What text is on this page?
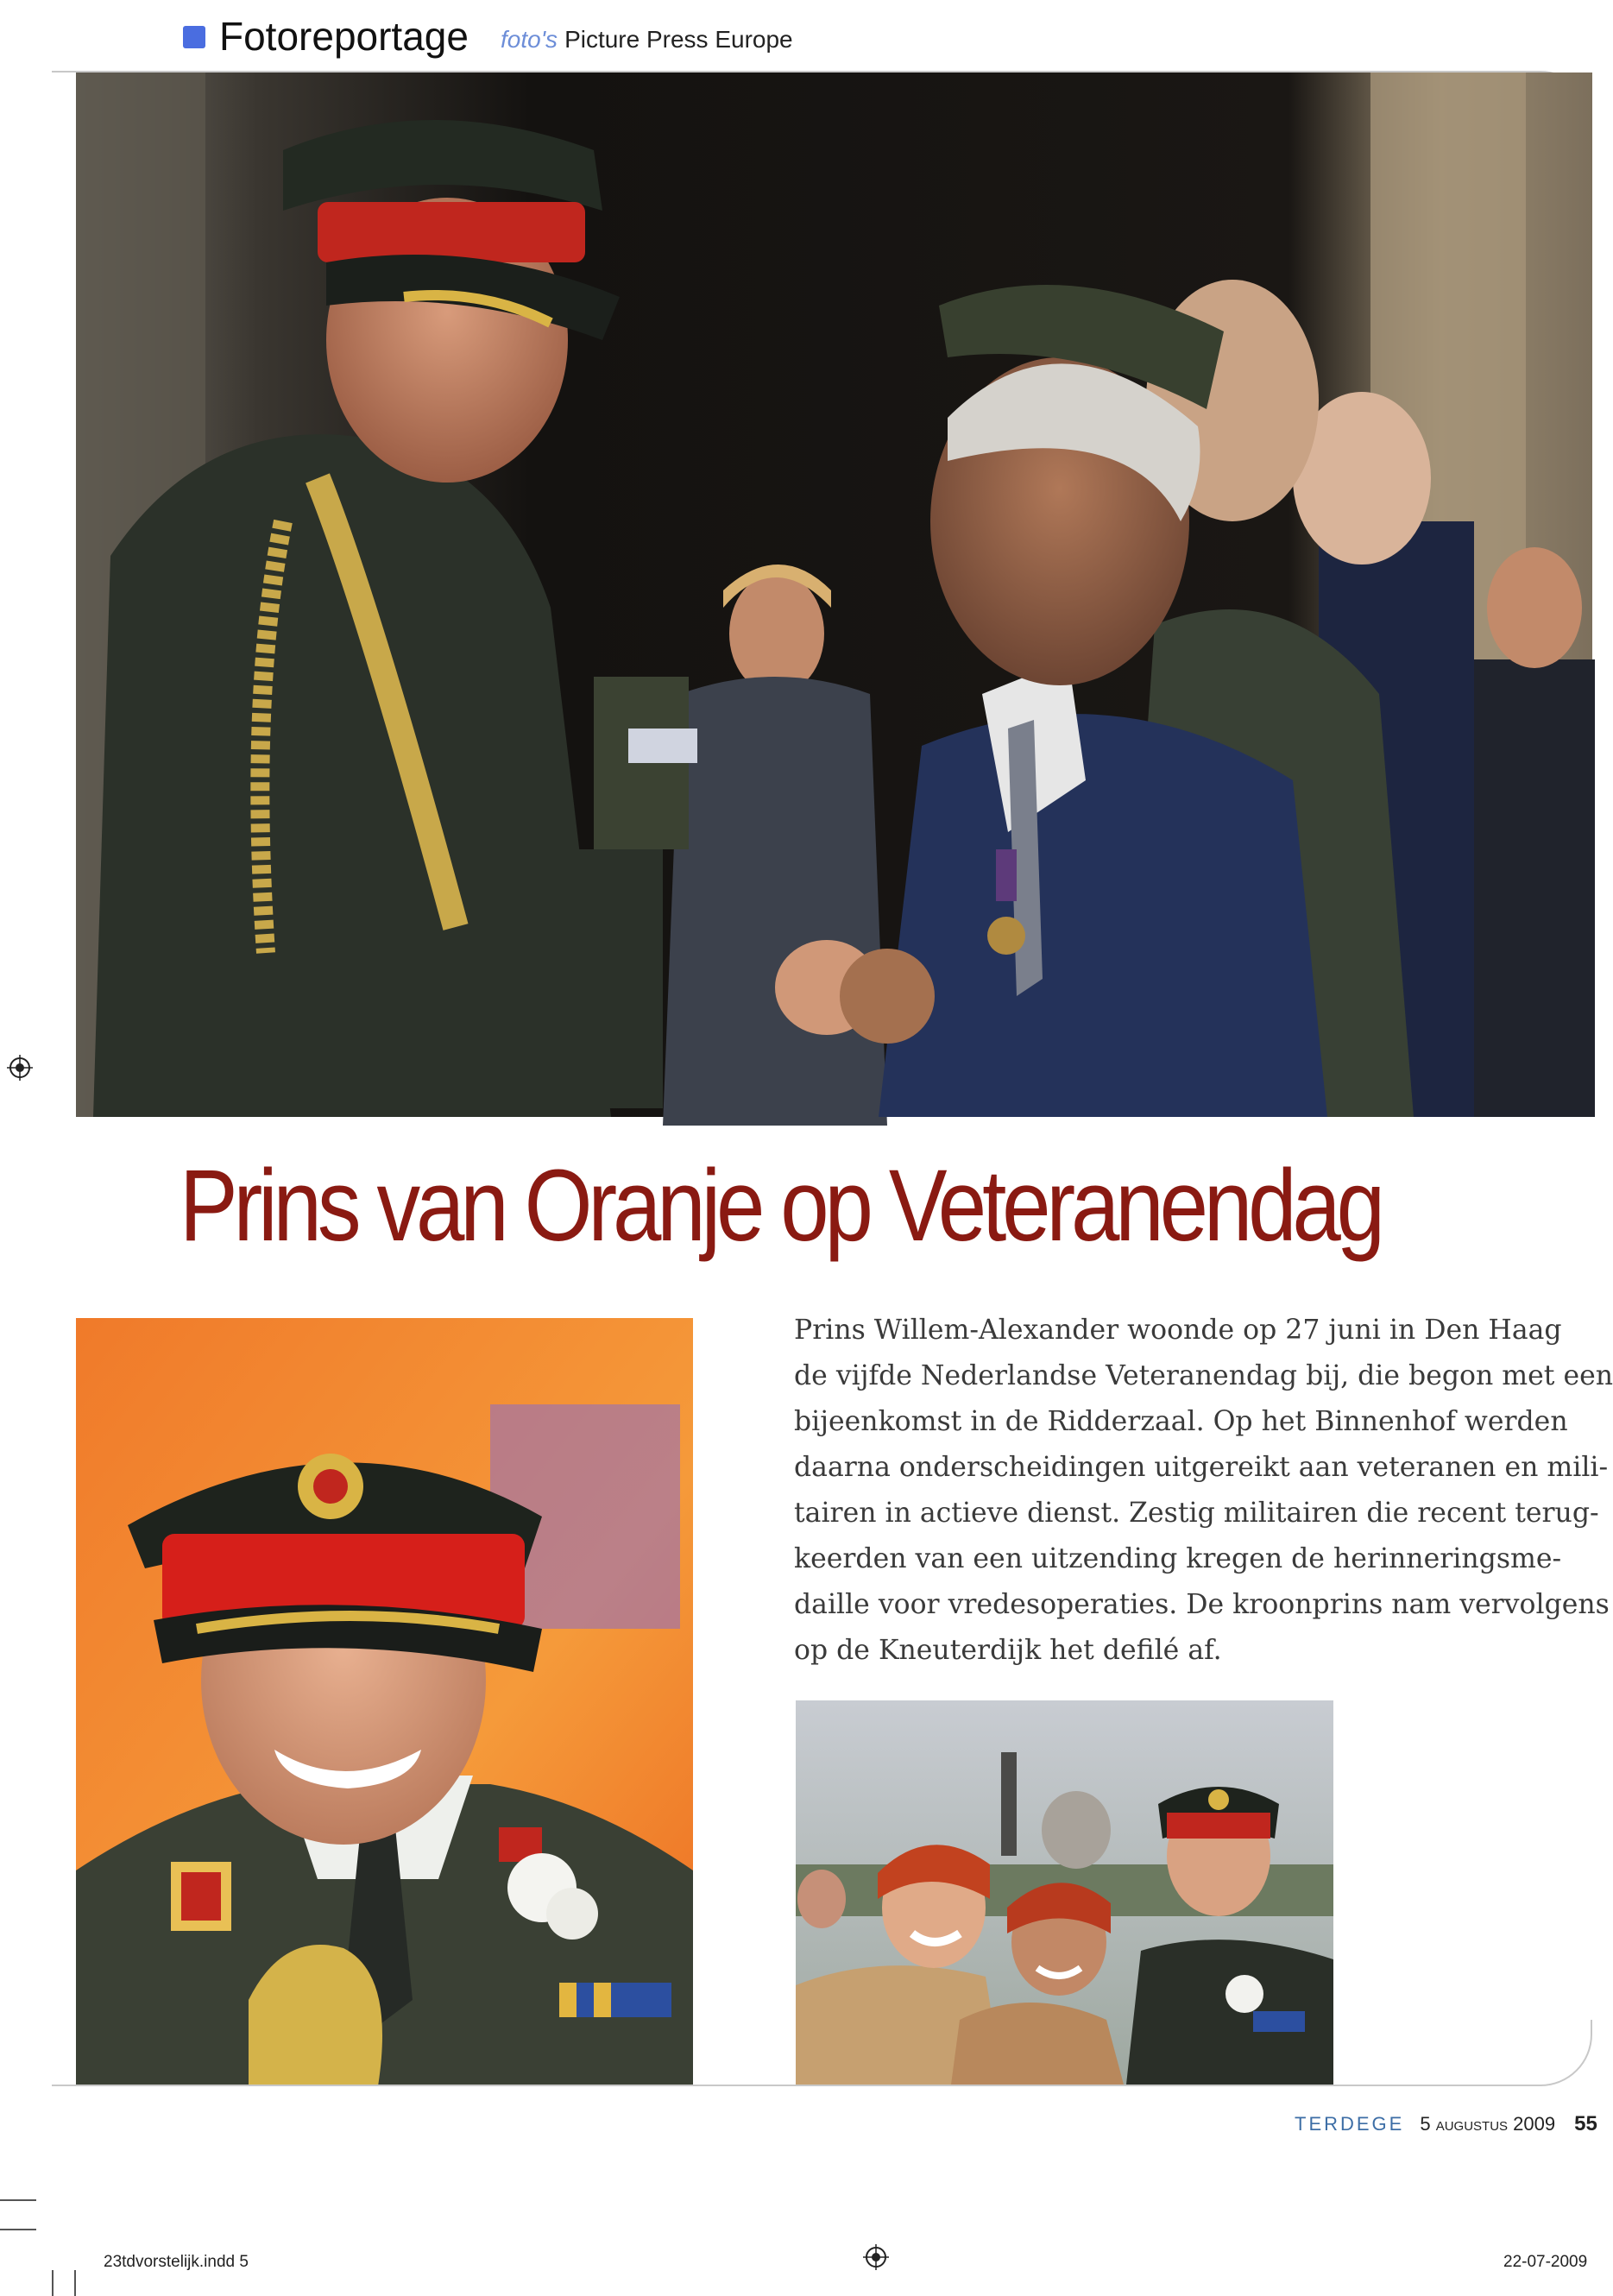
Fotoreportage foto's Picture Press Europe
Prins van Oranje op Veteranendag
Prins Willem-Alexander woonde op 27 juni in Den Haag
de vijfde Nederlandse Veteranendag bij, die begon met een
bijeenkomst in de Ridderzaal. Op het Binnenhof werden
daarna onderscheidingen uitgereikt aan veteranen en mili-
tairen in actieve dienst. Zestig militairen die recent terug-
keerden van een uitzending kregen de herinneringsme-
daille voor vredesoperaties. De kroonprins nam vervolgens
op de Kneuterdijk het defilé af.
TERDEGE 5 augustus 2009 55
23tdvorstelijk.indd 5	22-07-2009
